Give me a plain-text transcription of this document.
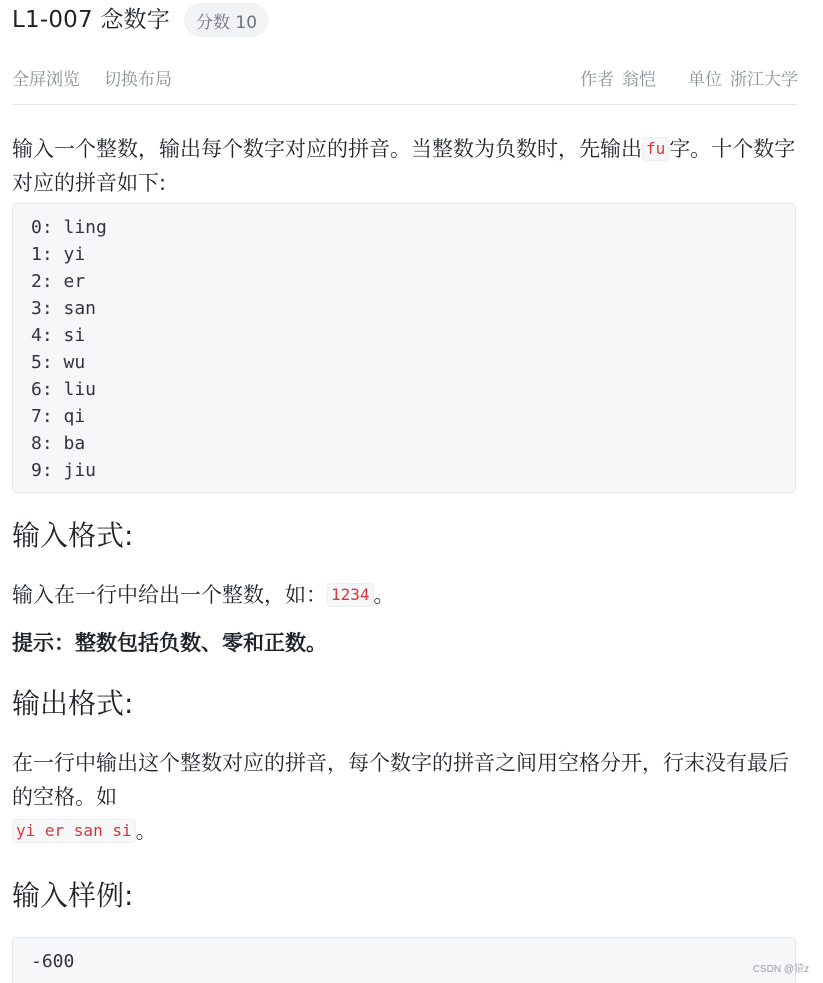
L1-007 念数字	分数 10
全屏浏览 切换布局	作者 翁恺 单位 浙江大学

输入一个整数，输出每个数字对应的拼音。当整数为负数时，先输出 fu 字。十个数字对应的拼音如下:

0: ling
1: yi
2: er
3: san
4: si
5: wu
6: liu
7: qi
8: ba
9: jiu
输入格式:

输入在一行中给出一个整数，如： 1234 。

提示：整数包括负数、零和正数。

输出格式:

在一行中输出这个整数对应的拼音，每个数字的拼音之间用空格分开，行末没有最后的空格。如
yi er san si 。

输入样例:
-600	CSDN @猿z
